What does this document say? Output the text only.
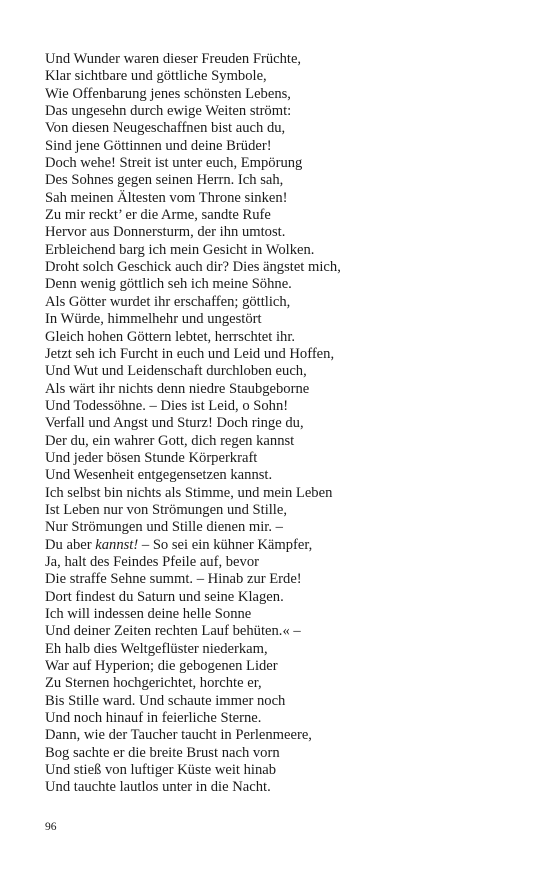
Und Wunder waren dieser Freuden Früchte,
Klar sichtbare und göttliche Symbole,
Wie Offenbarung jenes schönsten Lebens,
Das ungesehn durch ewige Weiten strömt:
Von diesen Neugeschaffnen bist auch du,
Sind jene Göttinnen und deine Brüder!
Doch wehe! Streit ist unter euch, Empörung
Des Sohnes gegen seinen Herrn. Ich sah,
Sah meinen Ältesten vom Throne sinken!
Zu mir reckt’ er die Arme, sandte Rufe
Hervor aus Donnersturm, der ihn umtost.
Erbleichend barg ich mein Gesicht in Wolken.
Droht solch Geschick auch dir? Dies ängstet mich,
Denn wenig göttlich seh ich meine Söhne.
Als Götter wurdet ihr erschaffen; göttlich,
In Würde, himmelhehr und ungestört
Gleich hohen Göttern lebtet, herrschtet ihr.
Jetzt seh ich Furcht in euch und Leid und Hoffen,
Und Wut und Leidenschaft durchloben euch,
Als wärt ihr nichts denn niedre Staubgeborne
Und Todessöhne. – Dies ist Leid, o Sohn!
Verfall und Angst und Sturz! Doch ringe du,
Der du, ein wahrer Gott, dich regen kannst
Und jeder bösen Stunde Körperkraft
Und Wesenheit entgegensetzen kannst.
Ich selbst bin nichts als Stimme, und mein Leben
Ist Leben nur von Strömungen und Stille,
Nur Strömungen und Stille dienen mir. –
Du aber kannst! – So sei ein kühner Kämpfer,
Ja, halt des Feindes Pfeile auf, bevor
Die straffe Sehne summt. – Hinab zur Erde!
Dort findest du Saturn und seine Klagen.
Ich will indessen deine helle Sonne
Und deiner Zeiten rechten Lauf behüten.« –
Eh halb dies Weltgeflüster niederkam,
War auf Hyperion; die gebogenen Lider
Zu Sternen hochgerichtet, horchte er,
Bis Stille ward. Und schaute immer noch
Und noch hinauf in feierliche Sterne.
Dann, wie der Taucher taucht in Perlenmeere,
Bog sachte er die breite Brust nach vorn
Und stieß von luftiger Küste weit hinab
Und tauchte lautlos unter in die Nacht.
96
